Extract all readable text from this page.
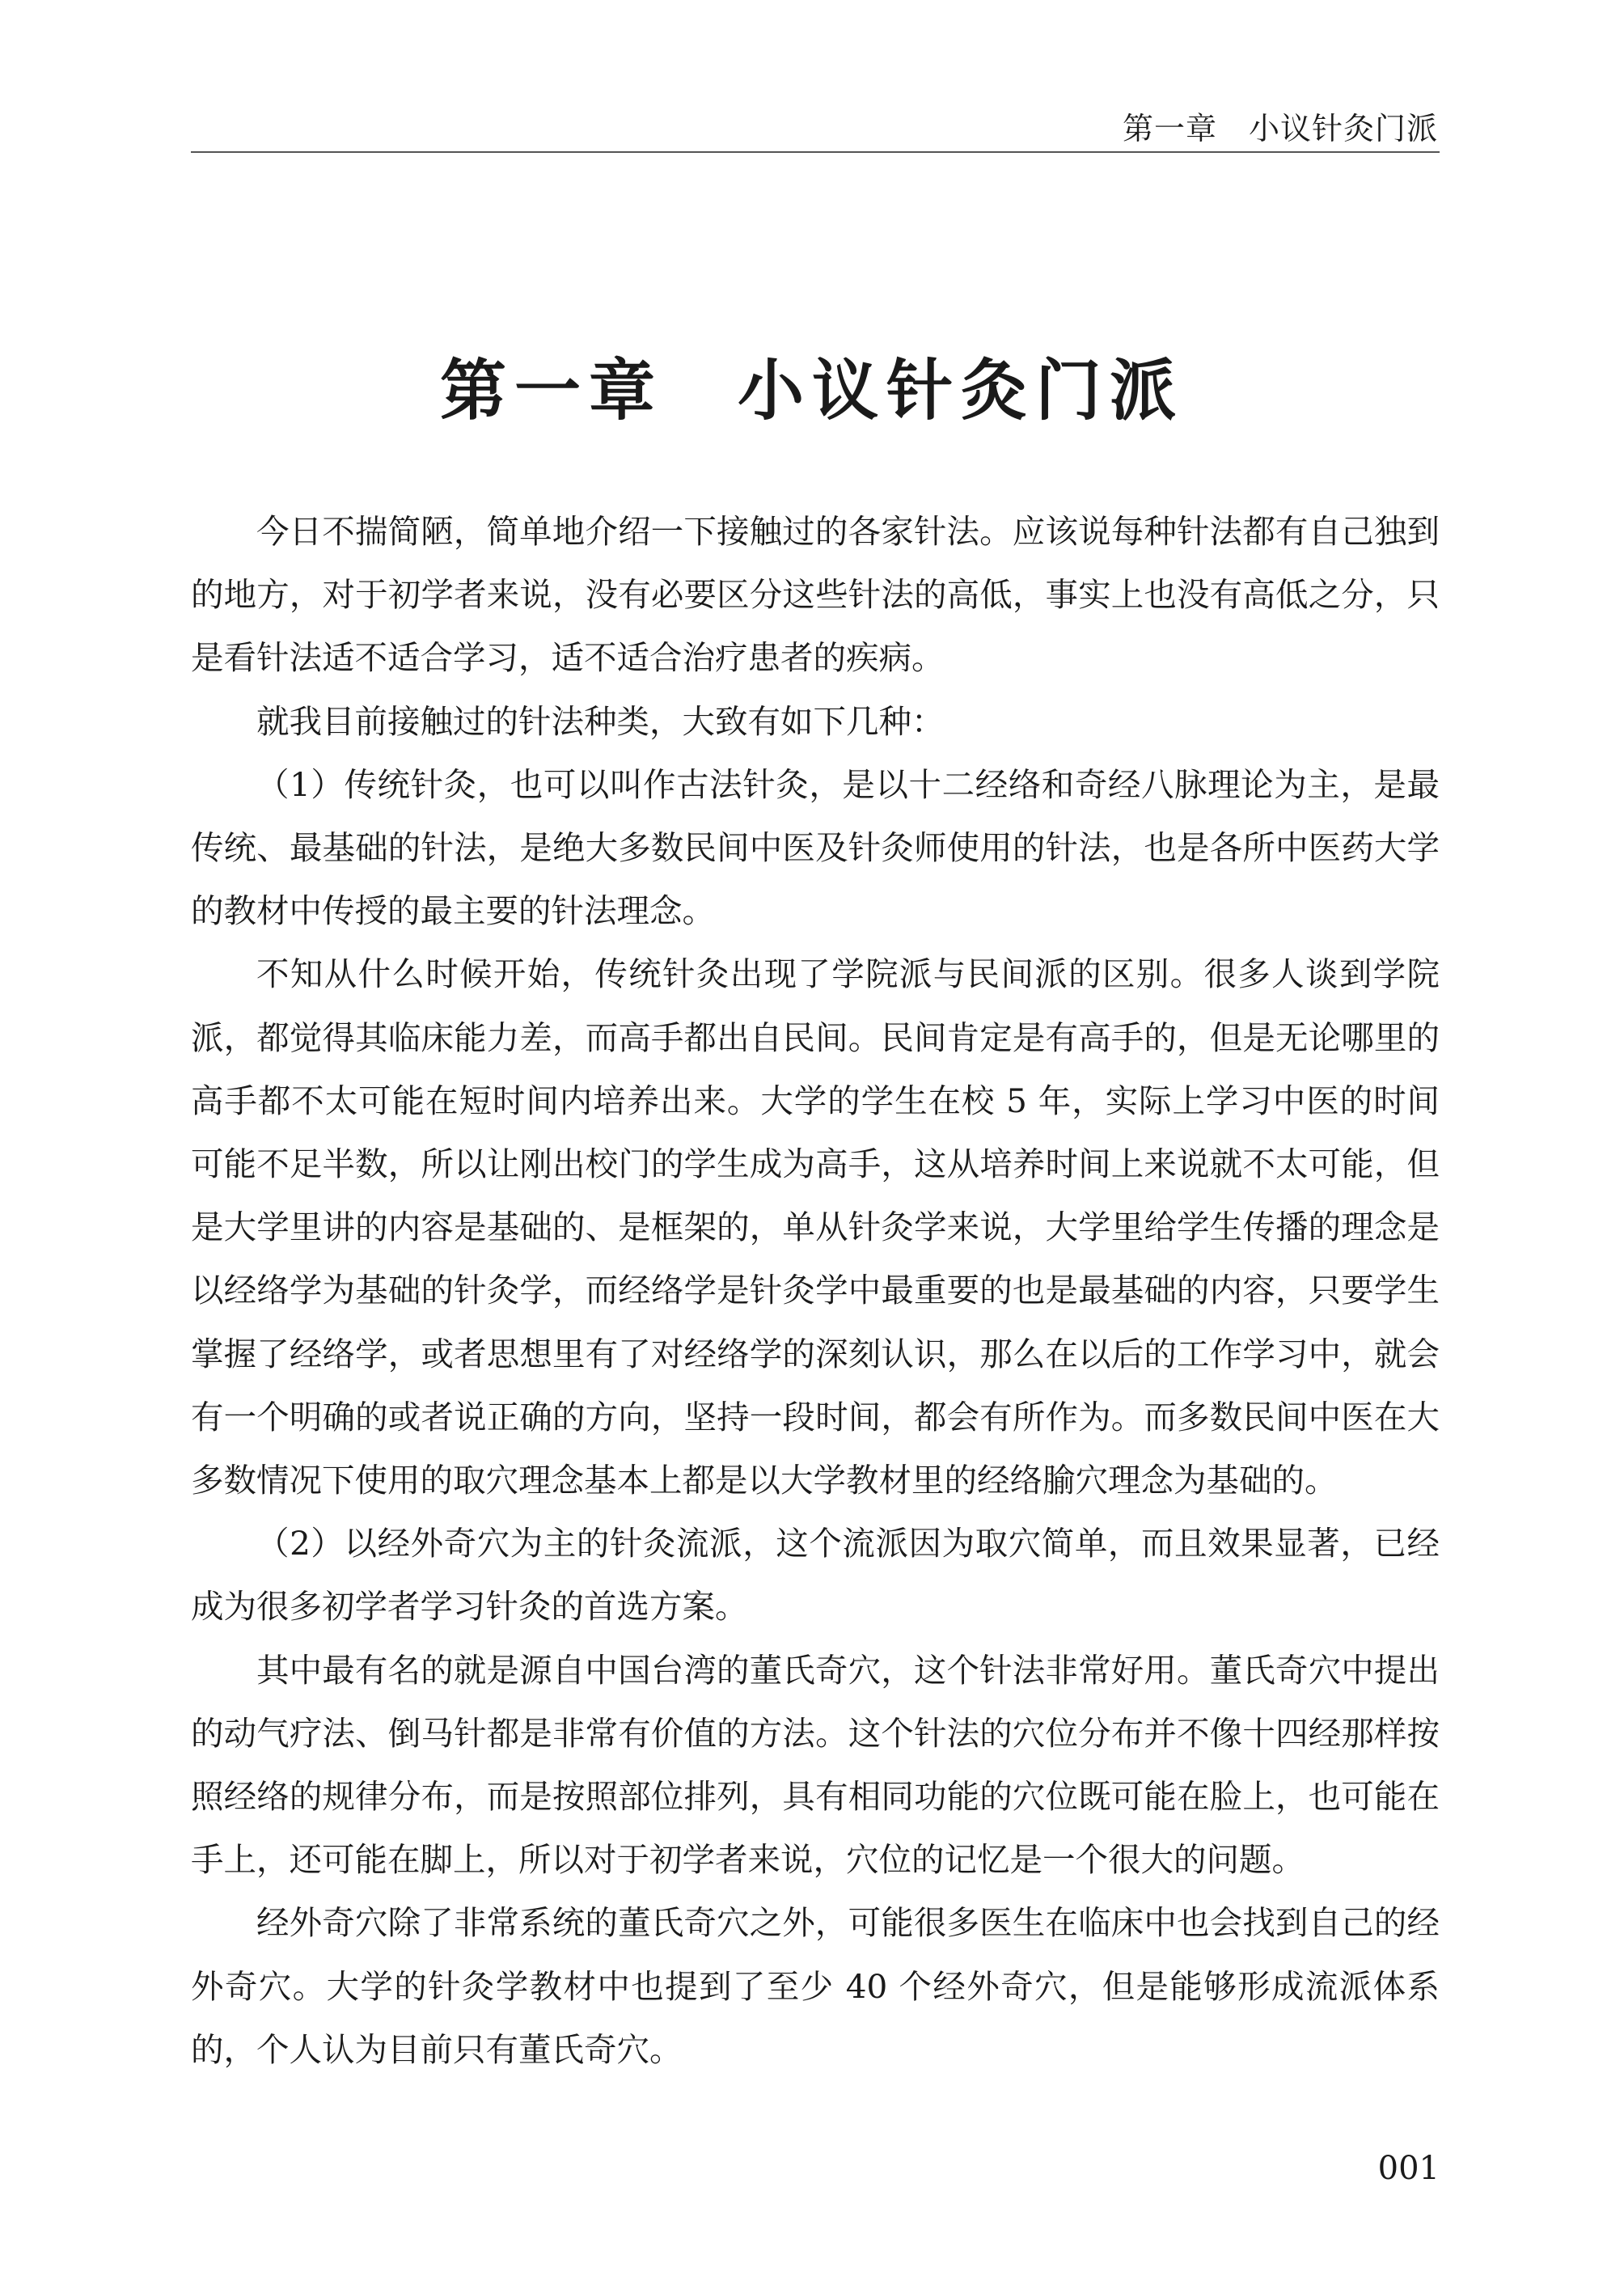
第一章　小议针灸门派
第一章　小议针灸门派

今日不揣简陋，简单地介绍一下接触过的各家针法。应该说每种针法都有自己独到的地方，对于初学者来说，没有必要区分这些针法的高低，事实上也没有高低之分，只是看针法适不适合学习，适不适合治疗患者的疾病。

就我目前接触过的针法种类，大致有如下几种：

（1）传统针灸，也可以叫作古法针灸，是以十二经络和奇经八脉理论为主，是最传统、最基础的针法，是绝大多数民间中医及针灸师使用的针法，也是各所中医药大学的教材中传授的最主要的针法理念。

不知从什么时候开始，传统针灸出现了学院派与民间派的区别。很多人谈到学院派，都觉得其临床能力差，而高手都出自民间。民间肯定是有高手的，但是无论哪里的高手都不太可能在短时间内培养出来。大学的学生在校 5 年，实际上学习中医的时间可能不足半数，所以让刚出校门的学生成为高手，这从培养时间上来说就不太可能，但是大学里讲的内容是基础的、是框架的，单从针灸学来说，大学里给学生传播的理念是以经络学为基础的针灸学，而经络学是针灸学中最重要的也是最基础的内容，只要学生掌握了经络学，或者思想里有了对经络学的深刻认识，那么在以后的工作学习中，就会有一个明确的或者说正确的方向，坚持一段时间，都会有所作为。而多数民间中医在大多数情况下使用的取穴理念基本上都是以大学教材里的经络腧穴理念为基础的。

（2）以经外奇穴为主的针灸流派，这个流派因为取穴简单，而且效果显著，已经成为很多初学者学习针灸的首选方案。

其中最有名的就是源自中国台湾的董氏奇穴，这个针法非常好用。董氏奇穴中提出的动气疗法、倒马针都是非常有价值的方法。这个针法的穴位分布并不像十四经那样按照经络的规律分布，而是按照部位排列，具有相同功能的穴位既可能在脸上，也可能在手上，还可能在脚上，所以对于初学者来说，穴位的记忆是一个很大的问题。

经外奇穴除了非常系统的董氏奇穴之外，可能很多医生在临床中也会找到自己的经外奇穴。大学的针灸学教材中也提到了至少 40 个经外奇穴，但是能够形成流派体系的，个人认为目前只有董氏奇穴。

001
